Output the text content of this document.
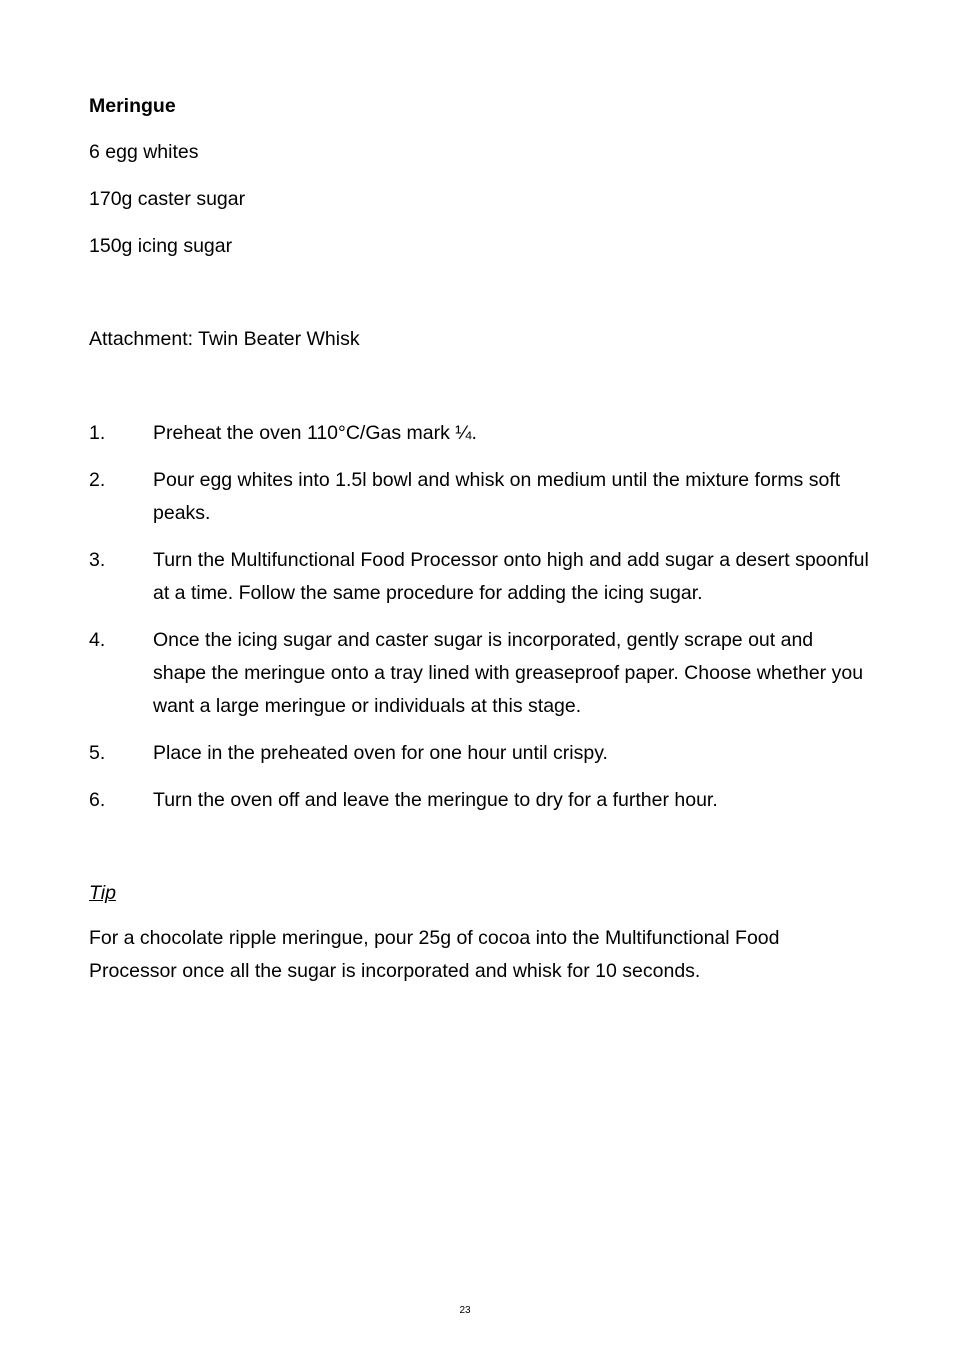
Meringue
6 egg whites
170g caster sugar
150g icing sugar
Attachment: Twin Beater Whisk
1.	Preheat the oven 110°C/Gas mark ¼.
2.	Pour egg whites into 1.5l bowl and whisk on medium until the mixture forms soft peaks.
3.	Turn the Multifunctional Food Processor onto high and add sugar a desert spoonful at a time. Follow the same procedure for adding the icing sugar.
4.	Once the icing sugar and caster sugar is incorporated, gently scrape out and shape the meringue onto a tray lined with greaseproof paper. Choose whether you want a large meringue or individuals at this stage.
5.	Place in the preheated oven for one hour until crispy.
6.	Turn the oven off and leave the meringue to dry for a further hour.
Tip
For a chocolate ripple meringue, pour 25g of cocoa into the Multifunctional Food Processor once all the sugar is incorporated and whisk for 10 seconds.
23
